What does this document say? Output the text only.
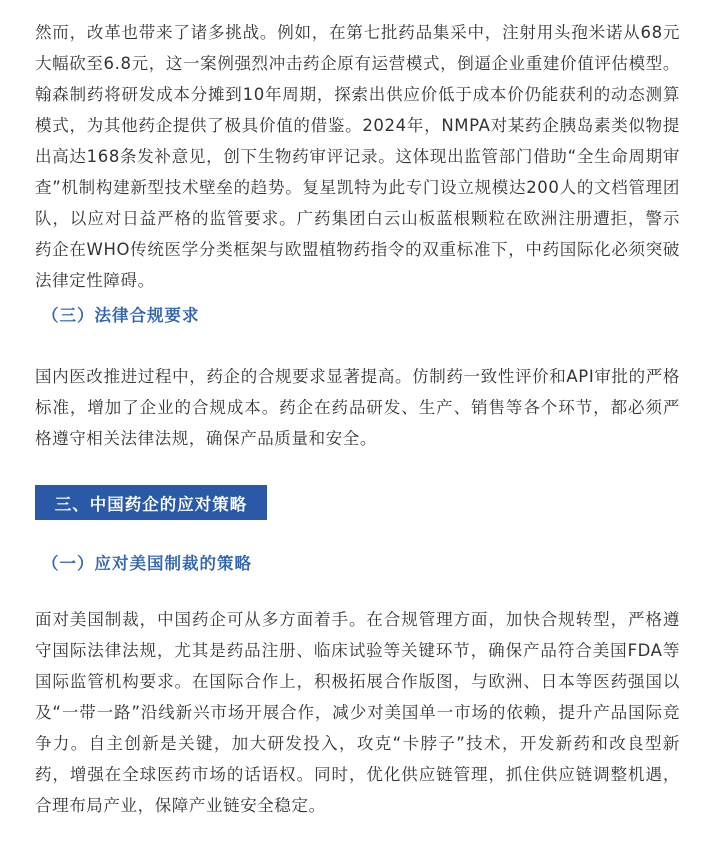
然而，改革也带来了诸多挑战。例如，在第七批药品集采中，注射用头孢米诺从68元大幅砍至6.8元，这一案例强烈冲击药企原有运营模式，倒逼企业重建价值评估模型。翰森制药将研发成本分摊到10年周期，探索出供应价低于成本价仍能获利的动态测算模式，为其他药企提供了极具价值的借鉴。2024年，NMPA对某药企胰岛素类似物提出高达168条发补意见，创下生物药审评记录。这体现出监管部门借助“全生命周期审查”机制构建新型技术壁垒的趋势。复星凯特为此专门设立规模达200人的文档管理团队，以应对日益严格的监管要求。广药集团白云山板蓝根颗粒在欧洲注册遭拒，警示药企在WHO传统医学分类框架与欧盟植物药指令的双重标准下，中药国际化必须突破法律定性障碍。

（三）法律合规要求

国内医改推进过程中，药企的合规要求显著提高。仿制药一致性评价和API审批的严格标准，增加了企业的合规成本。药企在药品研发、生产、销售等各个环节，都必须严格遵守相关法律法规，确保产品质量和安全。

三、中国药企的应对策略
（一）应对美国制裁的策略

面对美国制裁，中国药企可从多方面着手。在合规管理方面，加快合规转型，严格遵守国际法律法规，尤其是药品注册、临床试验等关键环节，确保产品符合美国FDA等国际监管机构要求。在国际合作上，积极拓展合作版图，与欧洲、日本等医药强国以及“一带一路”沿线新兴市场开展合作，减少对美国单一市场的依赖，提升产品国际竞争力。自主创新是关键，加大研发投入，攻克“卡脖子”技术，开发新药和改良型新药，增强在全球医药市场的话语权。同时，优化供应链管理，抓住供应链调整机遇，合理布局产业，保障产业链安全稳定。
